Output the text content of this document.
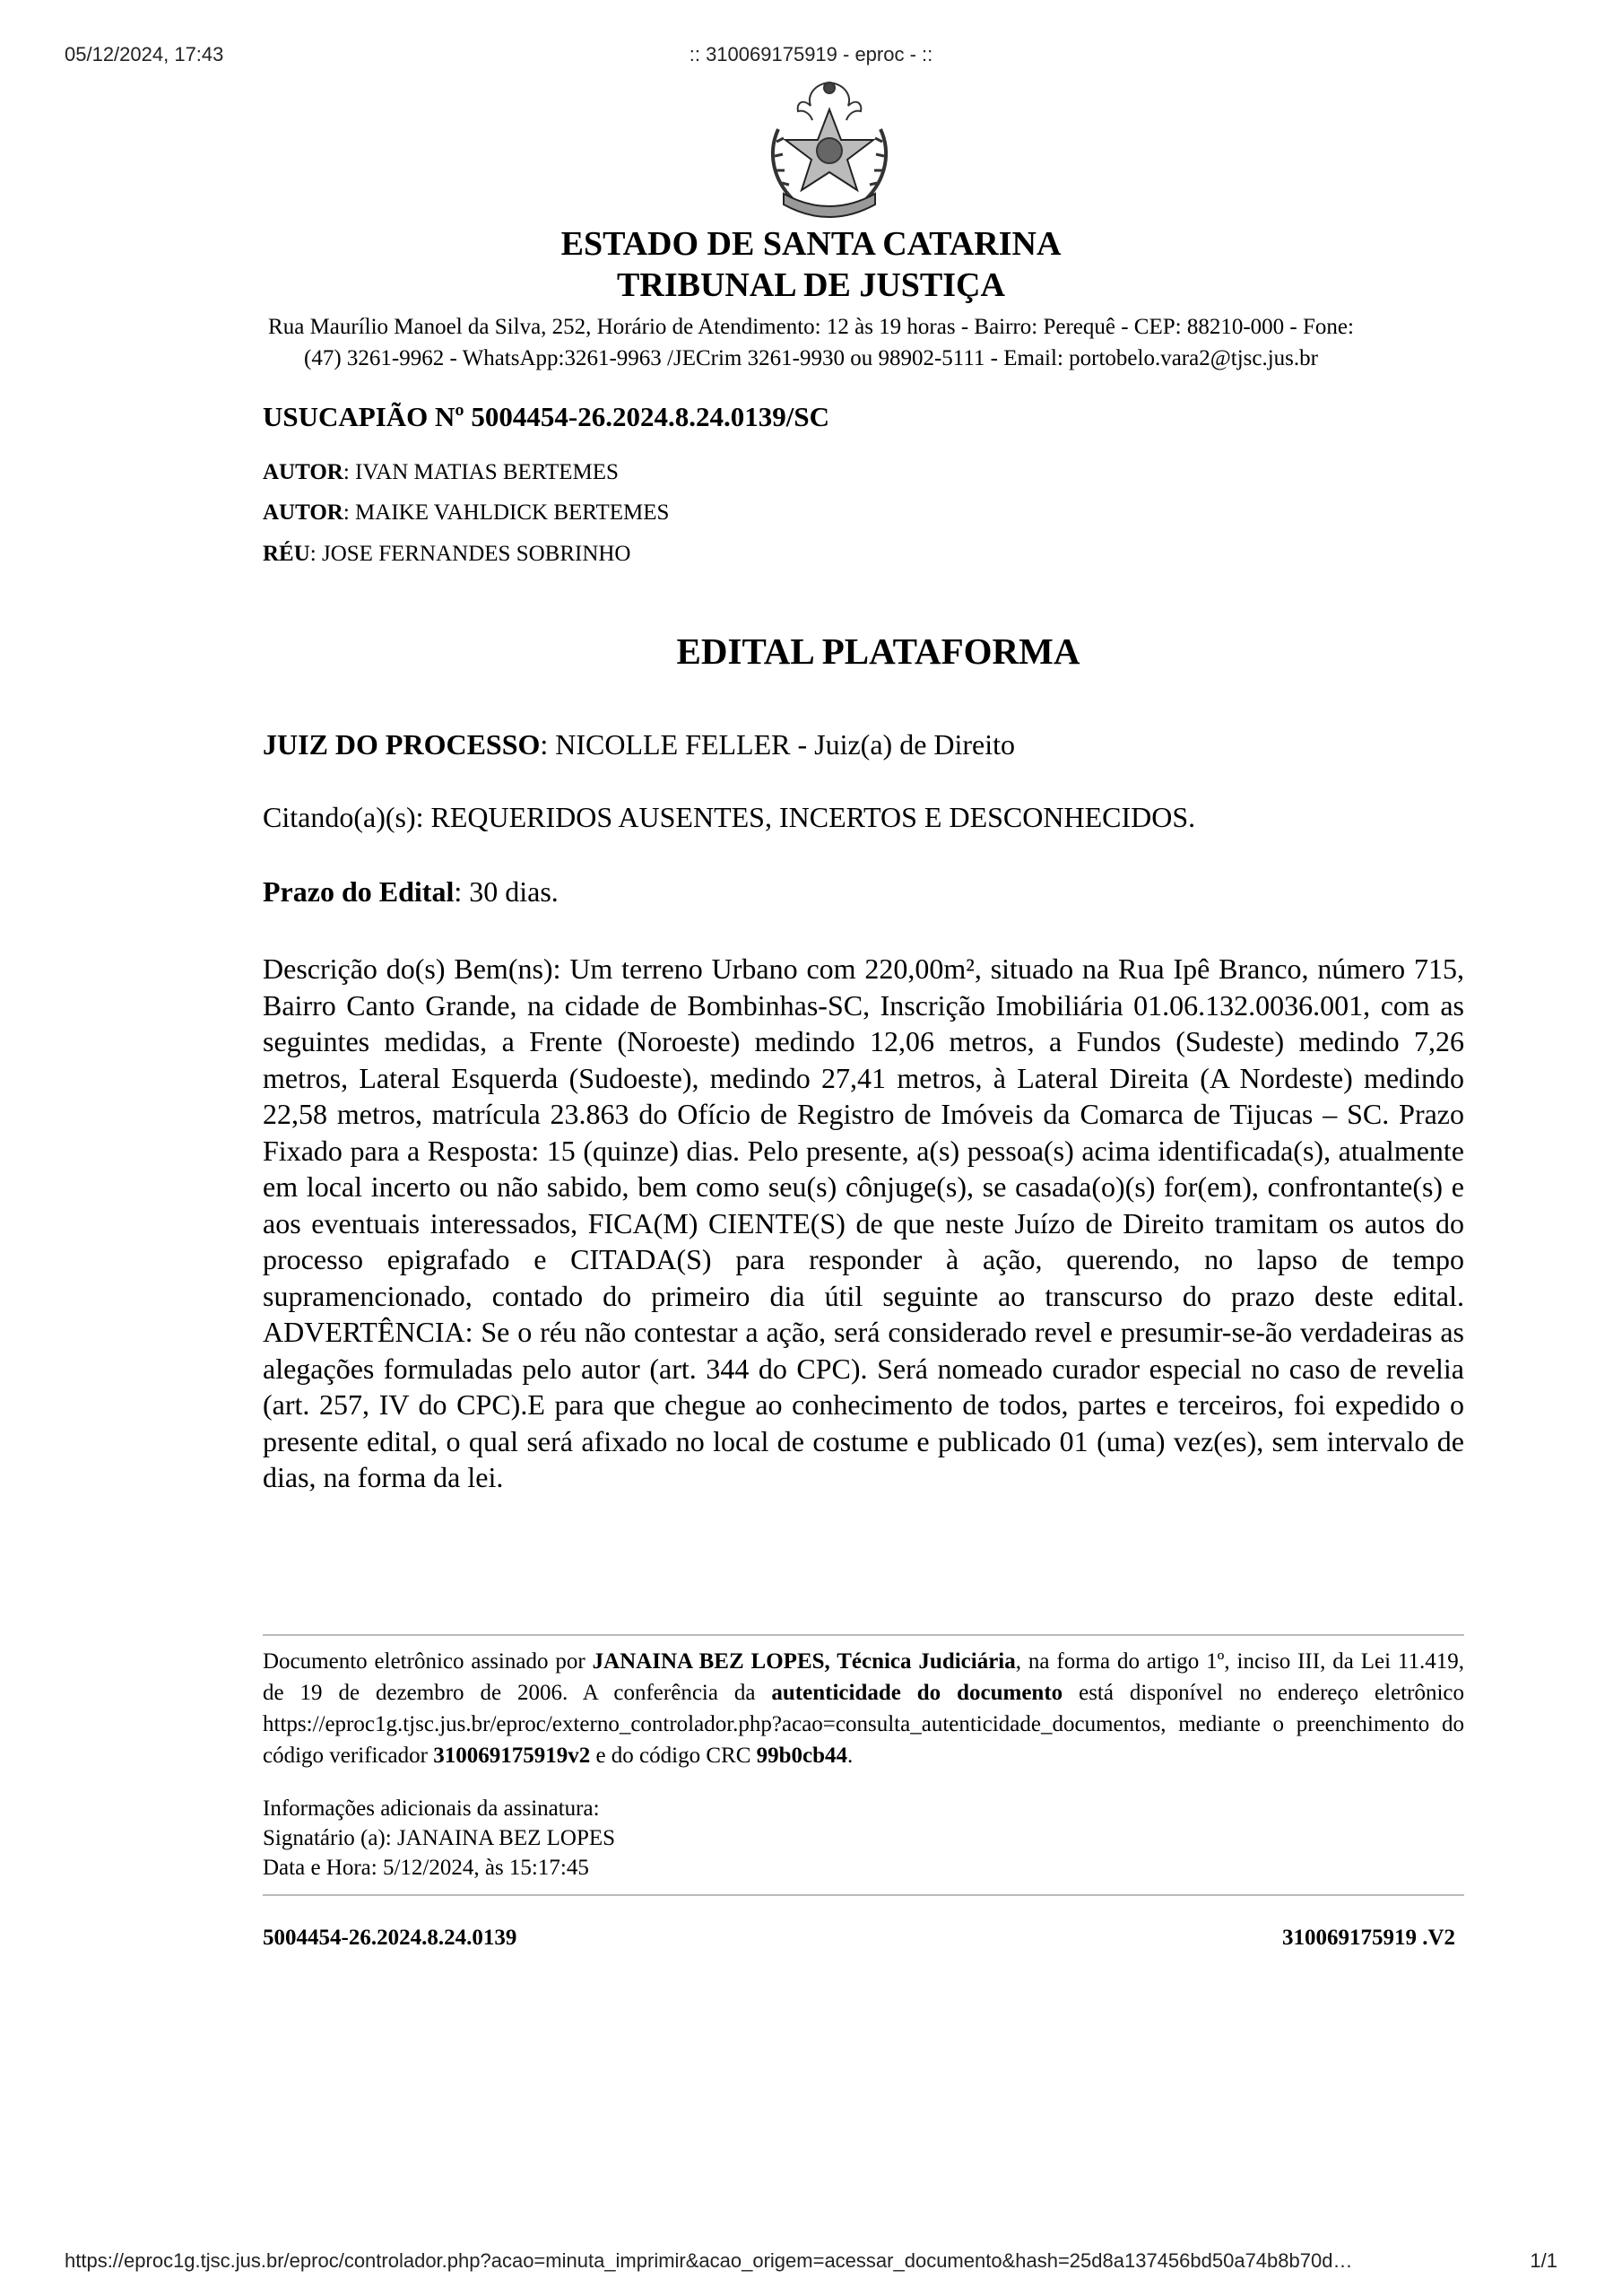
05/12/2024, 17:43	:: 310069175919 - eproc - ::
ESTADO DE SANTA CATARINA
TRIBUNAL DE JUSTIÇA
Rua Maurílio Manoel da Silva, 252, Horário de Atendimento: 12 às 19 horas - Bairro: Perequê - CEP: 88210-000 - Fone:
(47) 3261-9962 - WhatsApp:3261-9963 /JECrim 3261-9930 ou 98902-5111 - Email: portobelo.vara2@tjsc.jus.br
USUCAPIÃO Nº 5004454-26.2024.8.24.0139/SC
AUTOR: IVAN MATIAS BERTEMES
AUTOR: MAIKE VAHLDICK BERTEMES
RÉU: JOSE FERNANDES SOBRINHO
EDITAL PLATAFORMA
JUIZ DO PROCESSO: NICOLLE FELLER - Juiz(a) de Direito
Citando(a)(s): REQUERIDOS AUSENTES, INCERTOS E DESCONHECIDOS.
Prazo do Edital: 30 dias.
Descrição do(s) Bem(ns): Um terreno Urbano com 220,00m², situado na Rua Ipê Branco, número 715, Bairro Canto Grande, na cidade de Bombinhas-SC, Inscrição Imobiliária 01.06.132.0036.001, com as seguintes medidas, a Frente (Noroeste) medindo 12,06 metros, a Fundos (Sudeste) medindo 7,26 metros, Lateral Esquerda (Sudoeste), medindo 27,41 metros, à Lateral Direita (A Nordeste) medindo 22,58 metros, matrícula 23.863 do Ofício de Registro de Imóveis da Comarca de Tijucas – SC. Prazo Fixado para a Resposta: 15 (quinze) dias. Pelo presente, a(s) pessoa(s) acima identificada(s), atualmente em local incerto ou não sabido, bem como seu(s) cônjuge(s), se casada(o)(s) for(em), confrontante(s) e aos eventuais interessados, FICA(M) CIENTE(S) de que neste Juízo de Direito tramitam os autos do processo epigrafado e CITADA(S) para responder à ação, querendo, no lapso de tempo supramencionado, contado do primeiro dia útil seguinte ao transcurso do prazo deste edital. ADVERTÊNCIA: Se o réu não contestar a ação, será considerado revel e presumir-se-ão verdadeiras as alegações formuladas pelo autor (art. 344 do CPC). Será nomeado curador especial no caso de revelia (art. 257, IV do CPC).E para que chegue ao conhecimento de todos, partes e terceiros, foi expedido o presente edital, o qual será afixado no local de costume e publicado 01 (uma) vez(es), sem intervalo de dias, na forma da lei.
Documento eletrônico assinado por JANAINA BEZ LOPES, Técnica Judiciária, na forma do artigo 1º, inciso III, da Lei 11.419, de 19 de dezembro de 2006. A conferência da autenticidade do documento está disponível no endereço eletrônico https://eproc1g.tjsc.jus.br/eproc/externo_controlador.php?acao=consulta_autenticidade_documentos, mediante o preenchimento do código verificador 310069175919v2 e do código CRC 99b0cb44.
Informações adicionais da assinatura:
Signatário (a): JANAINA BEZ LOPES
Data e Hora: 5/12/2024, às 15:17:45
5004454-26.2024.8.24.0139	310069175919 .V2
https://eproc1g.tjsc.jus.br/eproc/controlador.php?acao=minuta_imprimir&acao_origem=acessar_documento&hash=25d8a137456bd50a74b8b70d…	1/1
